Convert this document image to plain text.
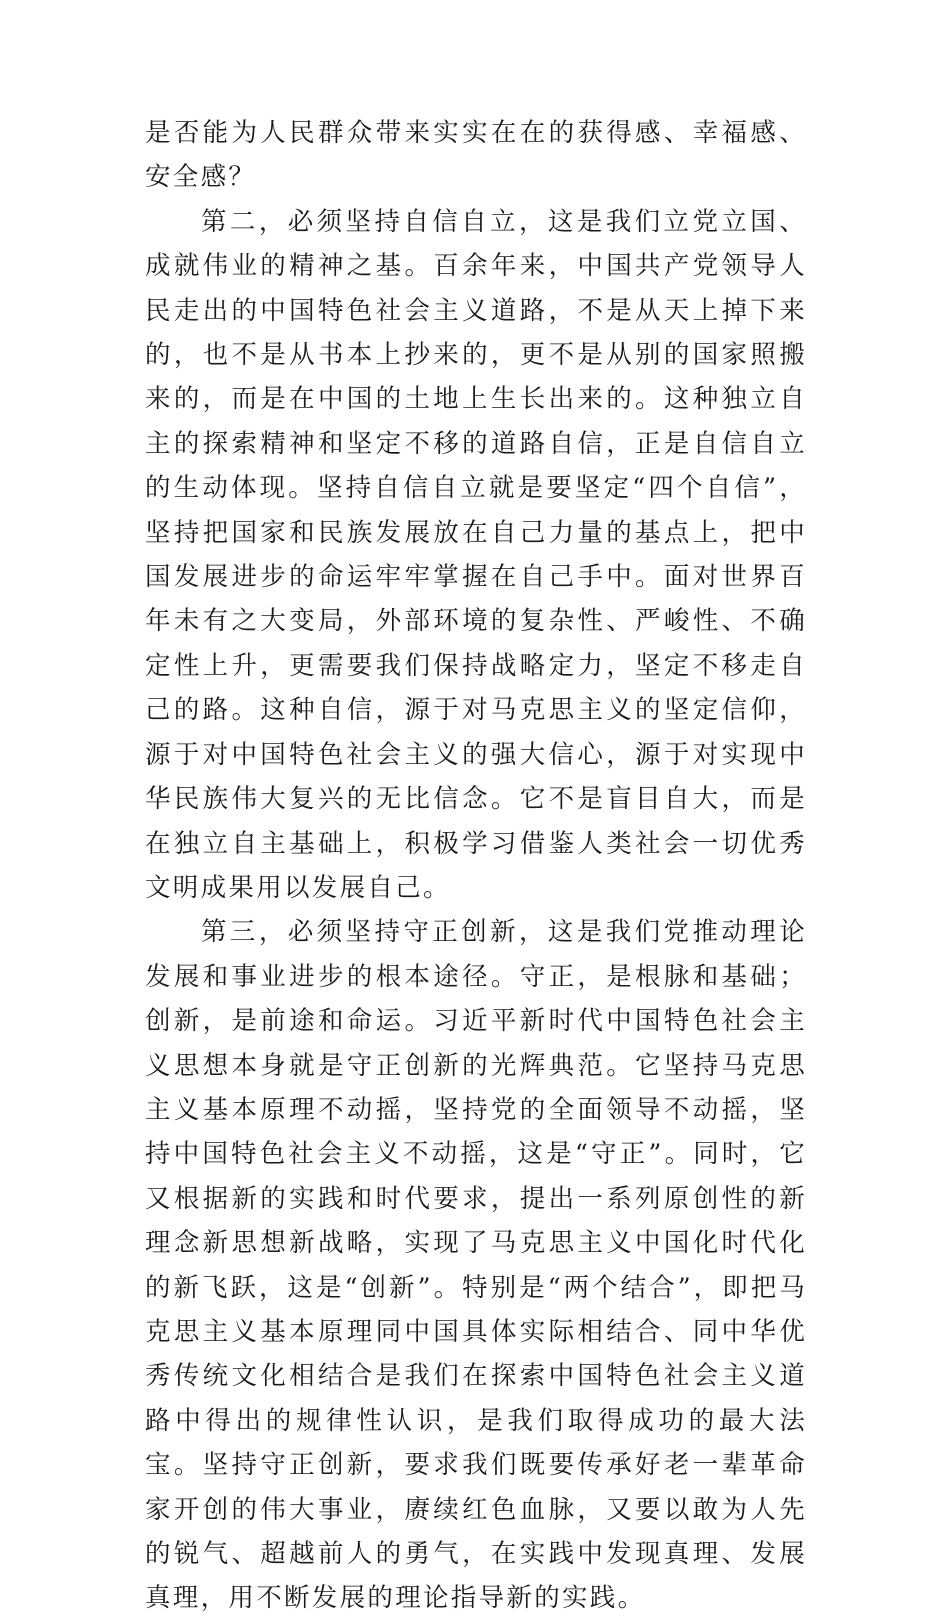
是否能为人民群众带来实实在在的获得感、幸福感、安全感？

第二，必须坚持自信自立，这是我们立党立国、成就伟业的精神之基。百余年来，中国共产党领导人民走出的中国特色社会主义道路，不是从天上掉下来的，也不是从书本上抄来的，更不是从别的国家照搬来的，而是在中国的土地上生长出来的。这种独立自主的探索精神和坚定不移的道路自信，正是自信自立的生动体现。坚持自信自立就是要坚定“四个自信”，坚持把国家和民族发展放在自己力量的基点上，把中国发展进步的命运牢牢掌握在自己手中。面对世界百年未有之大变局，外部环境的复杂性、严峻性、不确定性上升，更需要我们保持战略定力，坚定不移走自己的路。这种自信，源于对马克思主义的坚定信仰，源于对中国特色社会主义的强大信心，源于对实现中华民族伟大复兴的无比信念。它不是盲目自大，而是在独立自主基础上，积极学习借鉴人类社会一切优秀文明成果用以发展自己。

第三，必须坚持守正创新，这是我们党推动理论发展和事业进步的根本途径。守正，是根脉和基础；创新，是前途和命运。习近平新时代中国特色社会主义思想本身就是守正创新的光辉典范。它坚持马克思主义基本原理不动摇，坚持党的全面领导不动摇，坚持中国特色社会主义不动摇，这是“守正”。同时，它又根据新的实践和时代要求，提出一系列原创性的新理念新思想新战略，实现了马克思主义中国化时代化的新飞跃，这是“创新”。特别是“两个结合”，即把马克思主义基本原理同中国具体实际相结合、同中华优秀传统文化相结合是我们在探索中国特色社会主义道路中得出的规律性认识，是我们取得成功的最大法宝。坚持守正创新，要求我们既要传承好老一辈革命家开创的伟大事业，赓续红色血脉，又要以敢为人先的锐气、超越前人的勇气，在实践中发现真理、发展真理，用不断发展的理论指导新的实践。
